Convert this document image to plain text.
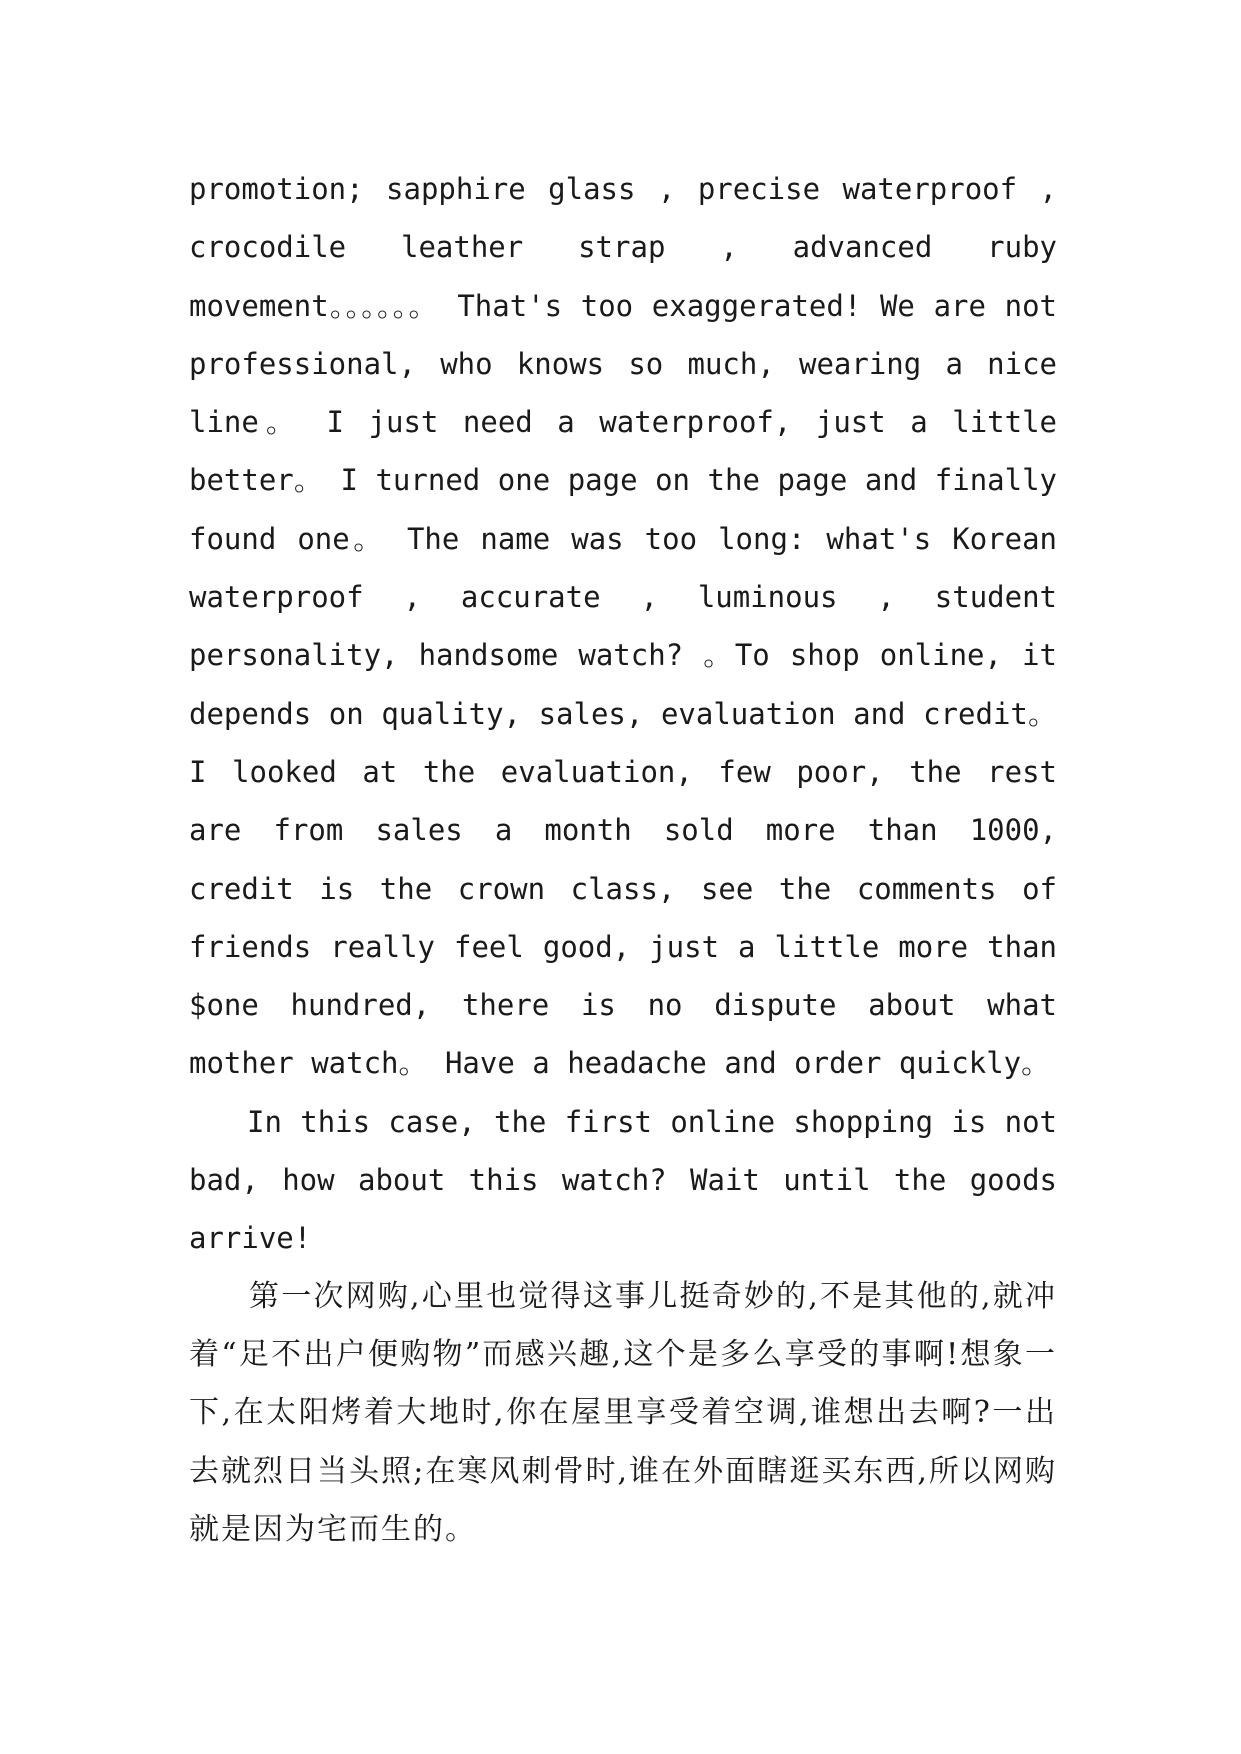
promotion; sapphire glass , precise waterproof , crocodile leather strap , advanced ruby movement。。。。。。 That's too exaggerated! We are not professional, who knows so much, wearing a nice line。 I just need a waterproof, just a little better。 I turned one page on the page and finally found one。 The name was too long: what's Korean waterproof , accurate , luminous , student personality, handsome watch? 。To shop online, it depends on quality, sales, evaluation and credit。 I looked at the evaluation, few poor, the rest are from sales a month sold more than 1000, credit is the crown class, see the comments of friends really feel good, just a little more than $one hundred, there is no dispute about what mother watch。 Have a headache and order quickly。

In this case, the first online shopping is not bad, how about this watch? Wait until the goods arrive!

第一次网购,心里也觉得这事儿挺奇妙的,不是其他的,就冲着“足不出户便购物”而感兴趣,这个是多么享受的事啊!想象一下,在太阳烤着大地时,你在屋里享受着空调,谁想出去啊?一出去就烈日当头照;在寒风刺骨时,谁在外面瞎逛买东西,所以网购就是因为宅而生的。
